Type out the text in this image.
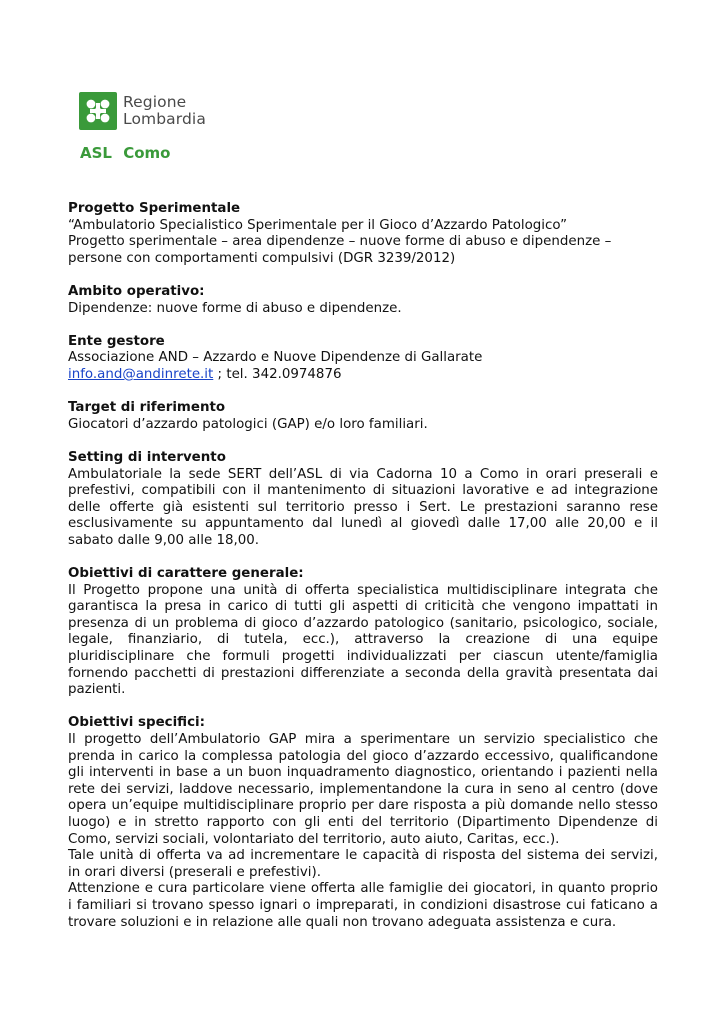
Regione
Lombardia
ASL Como
Progetto Sperimentale
“Ambulatorio Specialistico Sperimentale per il Gioco d’Azzardo Patologico”
Progetto sperimentale – area dipendenze – nuove forme di abuso e dipendenze –
persone con comportamenti compulsivi (DGR 3239/2012)
Ambito operativo:
Dipendenze: nuove forme di abuso e dipendenze.
Ente gestore
Associazione AND – Azzardo e Nuove Dipendenze di Gallarate
info.and@andinrete.it ; tel. 342.0974876
Target di riferimento
Giocatori d’azzardo patologici (GAP) e/o loro familiari.
Setting di intervento
Ambulatoriale la sede SERT dell’ASL di via Cadorna 10 a Como in orari preserali e prefestivi, compatibili con il mantenimento di situazioni lavorative e ad integrazione delle offerte già esistenti sul territorio presso i Sert. Le prestazioni saranno rese esclusivamente su appuntamento dal lunedì al giovedì dalle 17,00 alle 20,00 e il sabato dalle 9,00 alle 18,00.
Obiettivi di carattere generale:
Il Progetto propone una unità di offerta specialistica multidisciplinare integrata che garantisca la presa in carico di tutti gli aspetti di criticità che vengono impattati in presenza di un problema di gioco d’azzardo patologico (sanitario, psicologico, sociale, legale, finanziario, di tutela, ecc.), attraverso la creazione di una equipe pluridisciplinare che formuli progetti individualizzati per ciascun utente/famiglia fornendo pacchetti di prestazioni differenziate a seconda della gravità presentata dai pazienti.
Obiettivi specifici:
Il progetto dell’Ambulatorio GAP mira a sperimentare un servizio specialistico che prenda in carico la complessa patologia del gioco d’azzardo eccessivo, qualificandone gli interventi in base a un buon inquadramento diagnostico, orientando i pazienti nella rete dei servizi, laddove necessario, implementandone la cura in seno al centro (dove opera un’equipe multidisciplinare proprio per dare risposta a più domande nello stesso luogo) e in stretto rapporto con gli enti del territorio (Dipartimento Dipendenze di Como, servizi sociali, volontariato del territorio, auto aiuto, Caritas, ecc.).
Tale unità di offerta va ad incrementare le capacità di risposta del sistema dei servizi, in orari diversi (preserali e prefestivi).
Attenzione e cura particolare viene offerta alle famiglie dei giocatori, in quanto proprio i familiari si trovano spesso ignari o impreparati, in condizioni disastrose cui faticano a trovare soluzioni e in relazione alle quali non trovano adeguata assistenza e cura.
